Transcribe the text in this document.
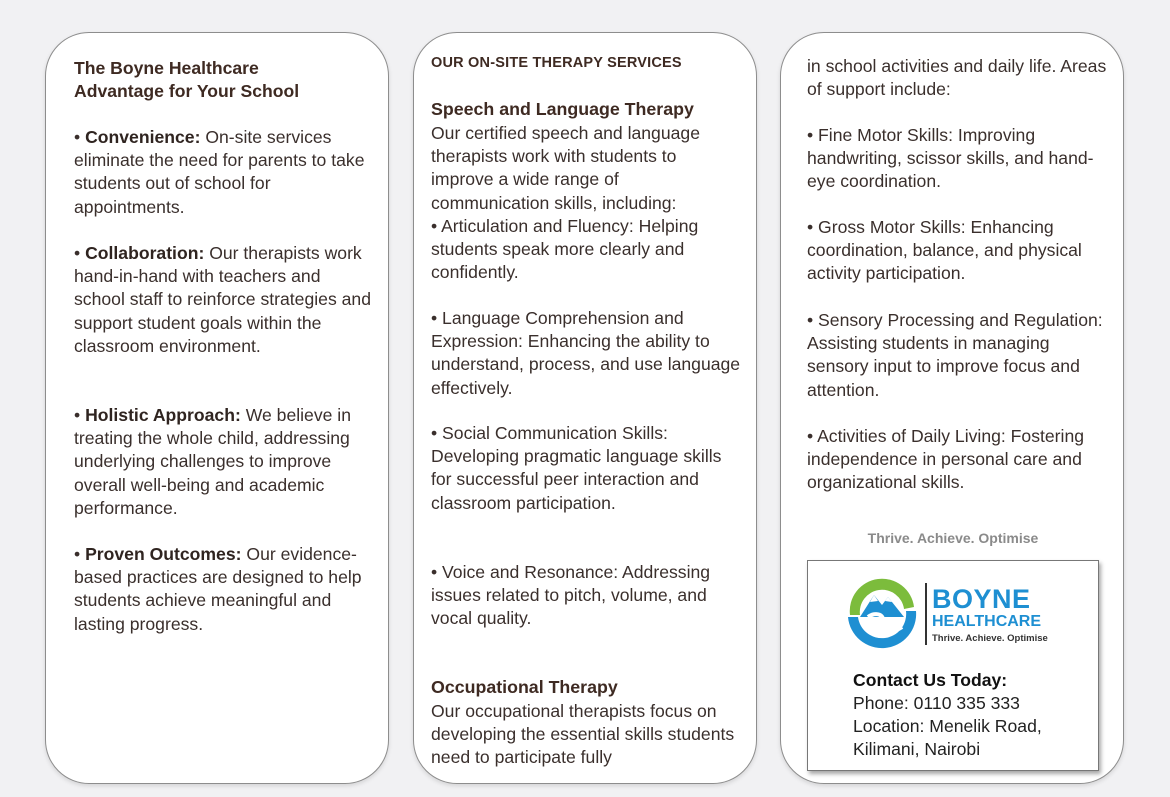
The Boyne Healthcare
Advantage for Your School
• Convenience: On-site services eliminate the need for parents to take students out of school for appointments.
• Collaboration: Our therapists work hand-in-hand with teachers and school staff to reinforce strategies and support student goals within the classroom environment.
• Holistic Approach: We believe in treating the whole child, addressing underlying challenges to improve overall well-being and academic performance.
• Proven Outcomes: Our evidence-based practices are designed to help students achieve meaningful and lasting progress.
OUR ON-SITE THERAPY SERVICES
Speech and Language Therapy
Our certified speech and language therapists work with students to improve a wide range of communication skills, including:
• Articulation and Fluency: Helping students speak more clearly and confidently.
• Language Comprehension and Expression: Enhancing the ability to understand, process, and use language effectively.
• Social Communication Skills: Developing pragmatic language skills for successful peer interaction and classroom participation.
• Voice and Resonance: Addressing issues related to pitch, volume, and vocal quality.
Occupational Therapy
Our occupational therapists focus on developing the essential skills students need to participate fully
in school activities and daily life. Areas of support include:
• Fine Motor Skills: Improving handwriting, scissor skills, and hand-eye coordination.
• Gross Motor Skills: Enhancing coordination, balance, and physical activity participation.
• Sensory Processing and Regulation: Assisting students in managing sensory input to improve focus and attention.
• Activities of Daily Living: Fostering independence in personal care and organizational skills.
Thrive. Achieve. Optimise
BOYNE
HEALTHCARE
Thrive. Achieve. Optimise
Contact Us Today:
Phone: 0110 335 333
Location: Menelik Road,
Kilimani, Nairobi
